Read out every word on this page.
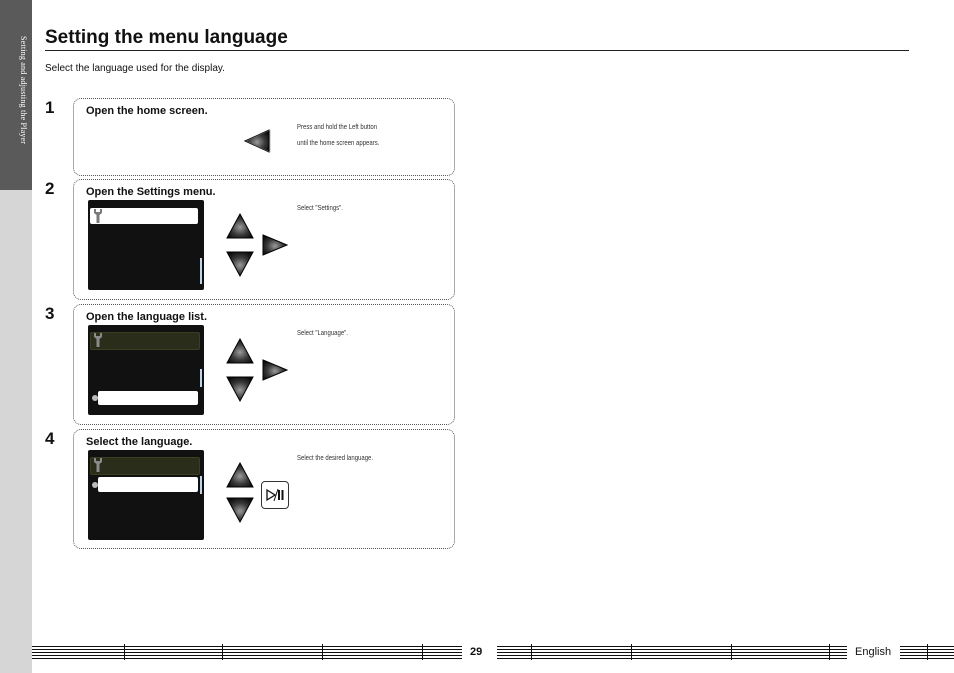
Setting and adjusting the Player Setting the menu language
Select the language used for the display.
1	Open the home screen.
Press and hold the Left button
until the home screen appears.
2	Open the Settings menu.
Select "Settings".
3	Open the language list.
Select "Language".
4	Select the language.
Select the desired language.
29	English
